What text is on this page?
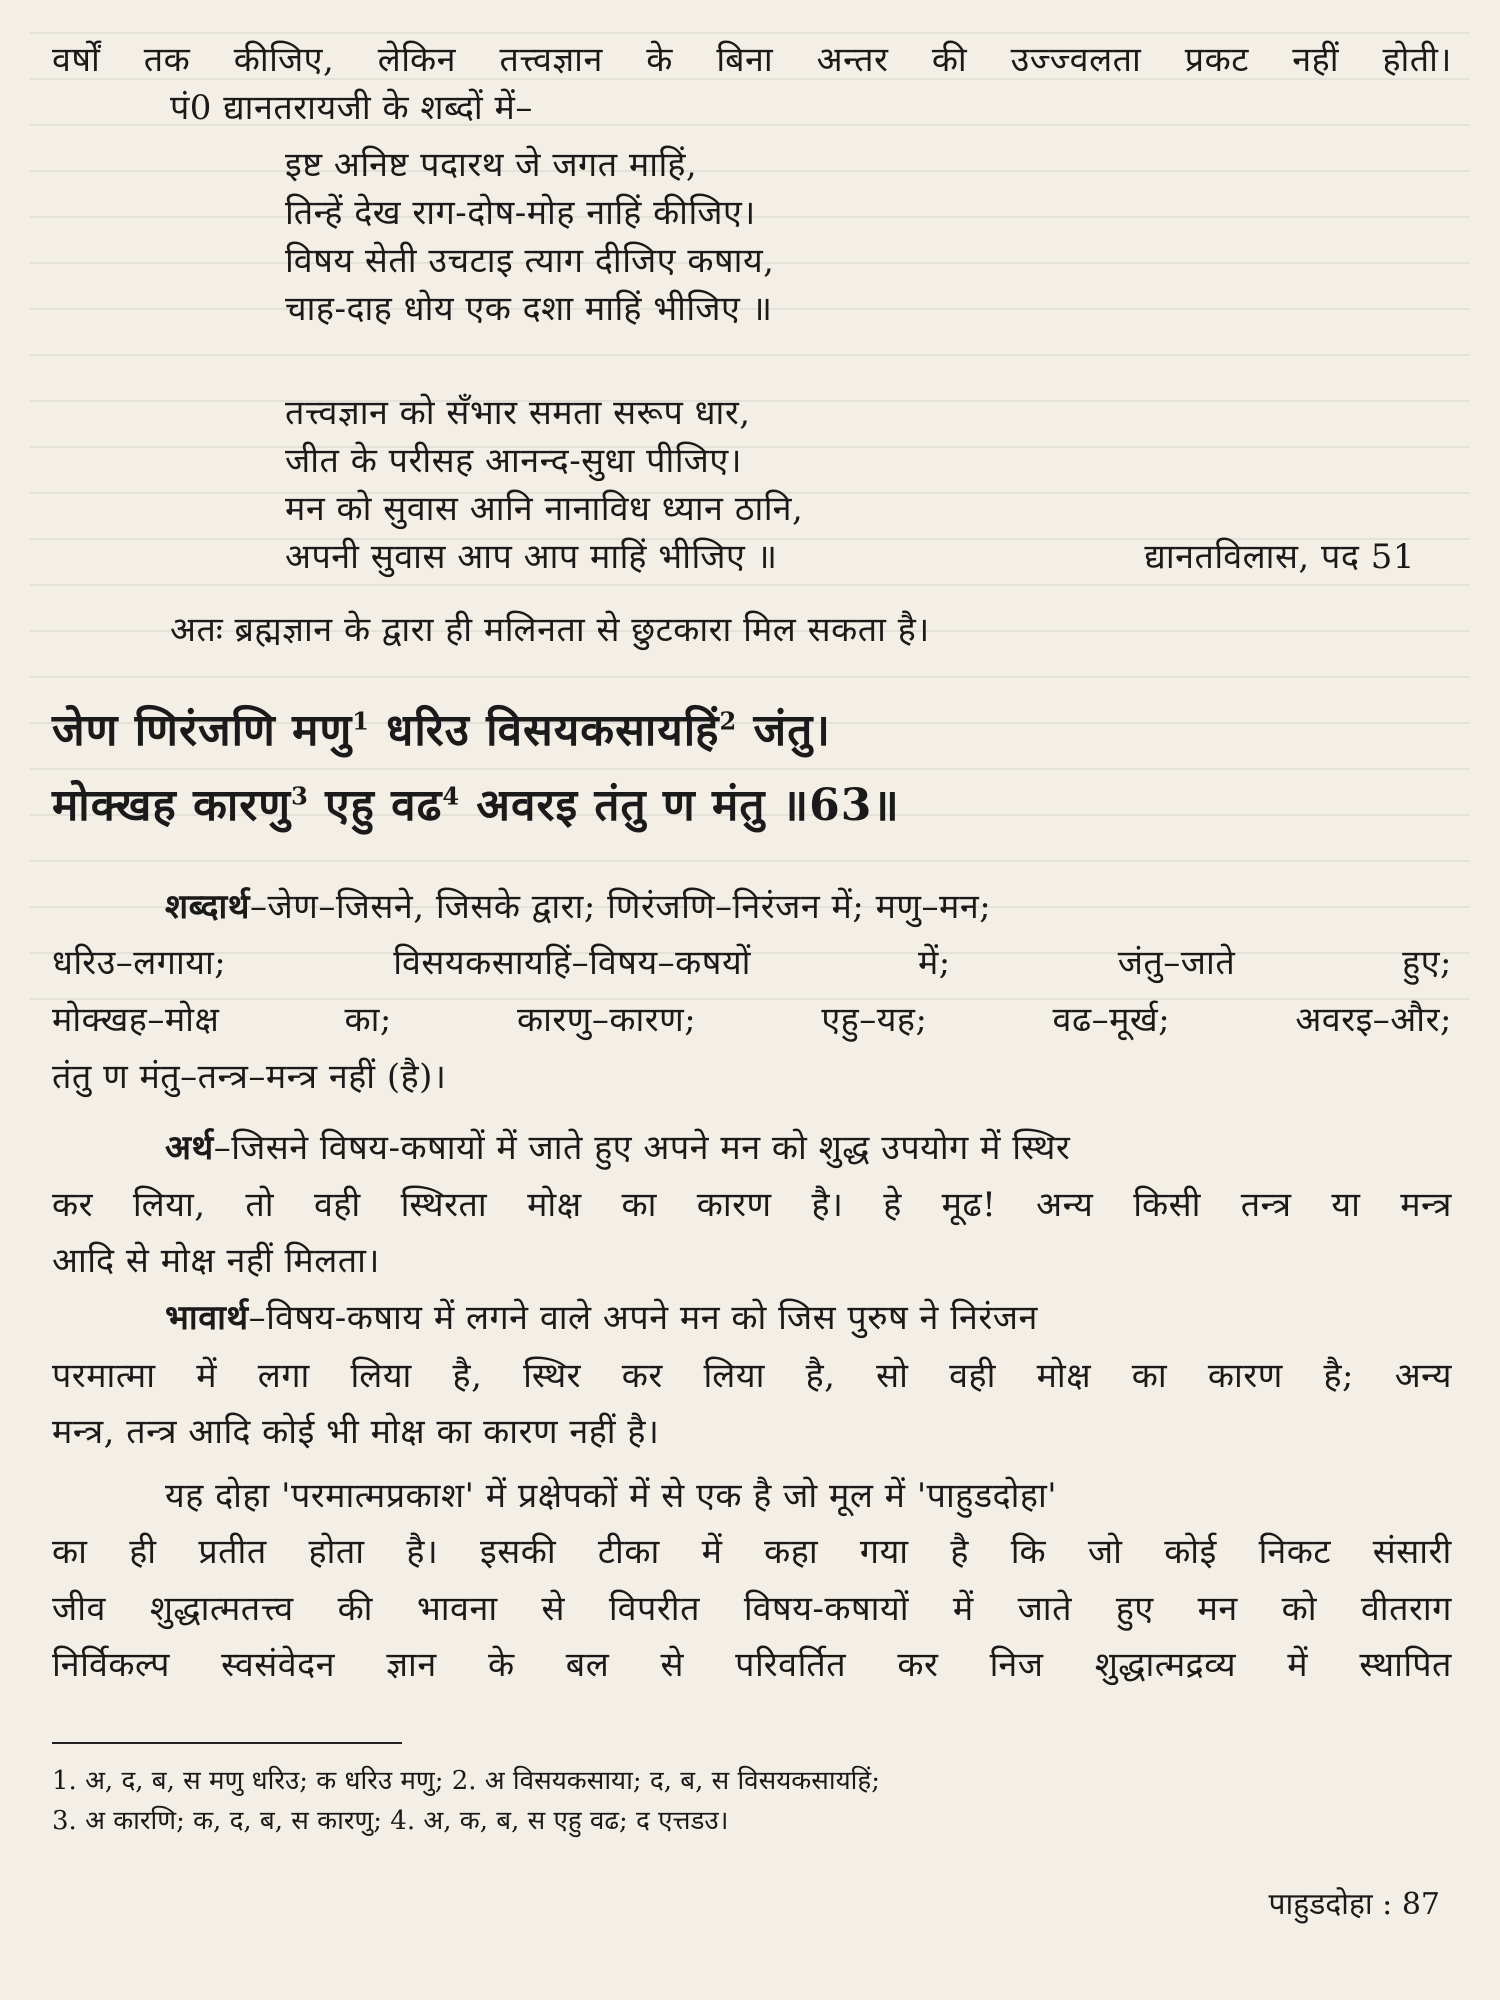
वर्षों तक कीजिए, लेकिन तत्त्वज्ञान के बिना अन्तर की उज्ज्वलता प्रकट नहीं होती।
पं0 द्यानतरायजी के शब्दों में–
इष्ट अनिष्ट पदारथ जे जगत माहिं,
तिन्हें देख राग-दोष-मोह नाहिं कीजिए।
विषय सेती उचटाइ त्याग दीजिए कषाय,
चाह-दाह धोय एक दशा माहिं भीजिए ॥
तत्त्वज्ञान को सँभार समता सरूप धार,
जीत के परीसह आनन्द-सुधा पीजिए।
मन को सुवास आनि नानाविध ध्यान ठानि,
अपनी सुवास आप आप माहिं भीजिए ॥	द्यानतविलास, पद 51
अतः ब्रह्मज्ञान के द्वारा ही मलिनता से छुटकारा मिल सकता है।
जेण णिरंजणि मणु$^1$ धरिउ विसयकसायहिं$^2$ जंतु।
मोक्खह कारणु$^3$ एहु वढ$^4$ अवरइ तंतु ण मंतु ॥63॥
शब्दार्थ–जेण–जिसने, जिसके द्वारा; णिरंजणि–निरंजन में; मणु–मन;
धरिउ–लगाया;	विसयकसायहिं–विषय–कषयों	में;	जंतु–जाते	हुए;
मोक्खह–मोक्ष	का;	कारणु–कारण;	एहु–यह;	वढ–मूर्ख;	अवरइ–और;
तंतु ण मंतु–तन्त्र–मन्त्र नहीं (है)।
अर्थ–जिसने विषय-कषायों में जाते हुए अपने मन को शुद्ध उपयोग में स्थिर
कर लिया, तो वही स्थिरता मोक्ष का कारण है। हे मूढ! अन्य किसी तन्त्र या मन्त्र
आदि से मोक्ष नहीं मिलता।
भावार्थ–विषय-कषाय में लगने वाले अपने मन को जिस पुरुष ने निरंजन
परमात्मा में लगा लिया है, स्थिर कर लिया है, सो वही मोक्ष का कारण है; अन्य
मन्त्र, तन्त्र आदि कोई भी मोक्ष का कारण नहीं है।
यह दोहा 'परमात्मप्रकाश' में प्रक्षेपकों में से एक है जो मूल में 'पाहुडदोहा'
का ही प्रतीत होता है। इसकी टीका में कहा गया है कि जो कोई निकट संसारी
जीव शुद्धात्मतत्त्व की भावना से विपरीत विषय-कषायों में जाते हुए मन को वीतराग
निर्विकल्प स्वसंवेदन ज्ञान के बल से परिवर्तित कर निज शुद्धात्मद्रव्य में स्थापित
1. अ, द, ब, स मणु धरिउ; क धरिउ मणु; 2. अ विसयकसाया; द, ब, स विसयकसायहिं;
3. अ कारणि; क, द, ब, स कारणु; 4. अ, क, ब, स एहु वढ; द एत्तडउ।
पाहुडदोहा : 87
